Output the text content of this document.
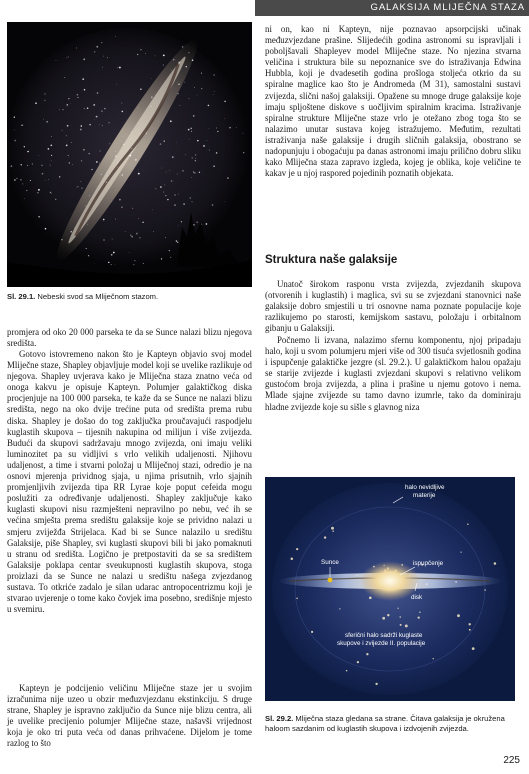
GALAKSIJA MLIJEČNA STAZA
Sl. 29.1. Nebeski svod sa Mliječnom stazom.

promjera od oko 20 000 parseka te da se Sunce nalazi blizu njegova središta.

Gotovo istovremeno nakon što je Kapteyn objavio svoj model Mliječne staze, Shapley objavljuje model koji se uvelike razlikuje od njegova. Shapley uvjerava kako je Mliječna staza znatno veća od onoga kakvu je opisuje Kapteyn. Polumjer galaktičkog diska procjenjuje na 100 000 parseka, te kaže da se Sunce ne nalazi blizu središta, nego na oko dvije trećine puta od središta prema rubu diska. Shapley je došao do tog zaključka proučavajući raspodjelu kuglastih skupova – tijesnih nakupina od milijun i više zvijezda. Budući da skupovi sadržavaju mnogo zvijezda, oni imaju veliki luminozitet pa su vidljivi s vrlo velikih udaljenosti. Njihovu udaljenost, a time i stvarni položaj u Mliječnoj stazi, odredio je na osnovi mjerenja prividnog sjaja, u njima prisutnih, vrlo sjajnih promjenljivih zvijezda tipa RR Lyrae koje poput cefeida mogu poslužiti za određivanje udaljenosti. Shapley zaključuje kako kuglasti skupovi nisu razmješteni nepravilno po nebu, već ih se većina smješta prema središtu galaksije koje se prividno nalazi u smjeru zviježđa Strijelaca. Kad bi se Sunce nalazilo u središtu Galaksije, piše Shapley, svi kuglasti skupovi bili bi jako pomaknuti u stranu od središta. Logično je pretpostaviti da se sa središtem Galaksije poklapa centar sveukupnosti kuglastih skupova, stoga proizlazi da se Sunce ne nalazi u središtu našega zvjezdanog sustava. To otkriće zadalo je silan udarac antropocentrizmu koji je stvarao uvjerenje o tome kako čovjek ima posebno, središnje mjesto u svemiru.

Kapteyn je podcijenio veličinu Mliječne staze jer u svojim izračunima nije uzeo u obzir međuzvjezdanu ekstinkciju. S druge strane, Shapley je ispravno zaključio da Sunce nije blizu centra, ali je uvelike precijenio polumjer Mliječne staze, našavši vrijednost koja je oko tri puta veća od danas prihvaćene. Dijelom je tome razlog to što

ni on, kao ni Kapteyn, nije poznavao apsorpcijski učinak međuzvjezdane prašine. Slijedećih godina astronomi su ispravljali i poboljšavali Shapleyev model Mliječne staze. No njezina stvarna veličina i struktura bile su nepoznanice sve do istraživanja Edwina Hubbla, koji je dvadesetih godina prošloga stoljeća otkrio da su spiralne maglice kao što je Andromeda (M 31), samostalni sustavi zvijezda, slični našoj galaksiji. Opažene su mnoge druge galaksije koje imaju spljoštene diskove s uočljivim spiralnim kracima. Istraživanje spiralne strukture Mliječne staze vrlo je otežano zbog toga što se nalazimo unutar sustava kojeg istražujemo. Međutim, rezultati istraživanja naše galaksije i drugih sličnih galaksija, obostrano se nadopunjuju i obogaćuju pa danas astronomi imaju prilično dobru sliku kako Mliječna staza zapravo izgleda, kojeg je oblika, koje veličine te kakav je u njoj raspored pojedinih poznatih objekata.

Struktura naše galaksije

Unatoč širokom rasponu vrsta zvijezda, zvjezdanih skupova (otvorenih i kuglastih) i maglica, svi su se zvjezdani stanovnici naše galaksije dobro smjestili u tri osnovne nama poznate populacije koje razlikujemo po starosti, kemijskom sastavu, položaju i orbitalnom gibanju u Galaksiji.

Počnemo li izvana, nalazimo sfernu komponentu, njoj pripadaju halo, koji u svom polumjeru mjeri više od 300 tisuća svjetlosnih godina i ispupčenje galaktičke jezgre (sl. 29.2.). U galaktičkom halou opažaju se starije zvijezde i kuglasti zvjezdani skupovi s relativno velikom gustoćom broja zvijezda, a plina i prašine u njemu gotovo i nema. Mlade sjajne zvijezde su tamo davno izumrle, tako da dominiraju hladne zvijezde koje su sišle s glavnog niza

halo nevidljive
materije
ispupčenje
Sunce
disk
sferični halo sadrži kuglaste
skupove i zvijezde II. populacije
Sl. 29.2. Mliječna staza gledana sa strane. Čitava galaksija je okružena haloom sazdanim od kuglastih skupova i izdvojenih zvijezda.
225
